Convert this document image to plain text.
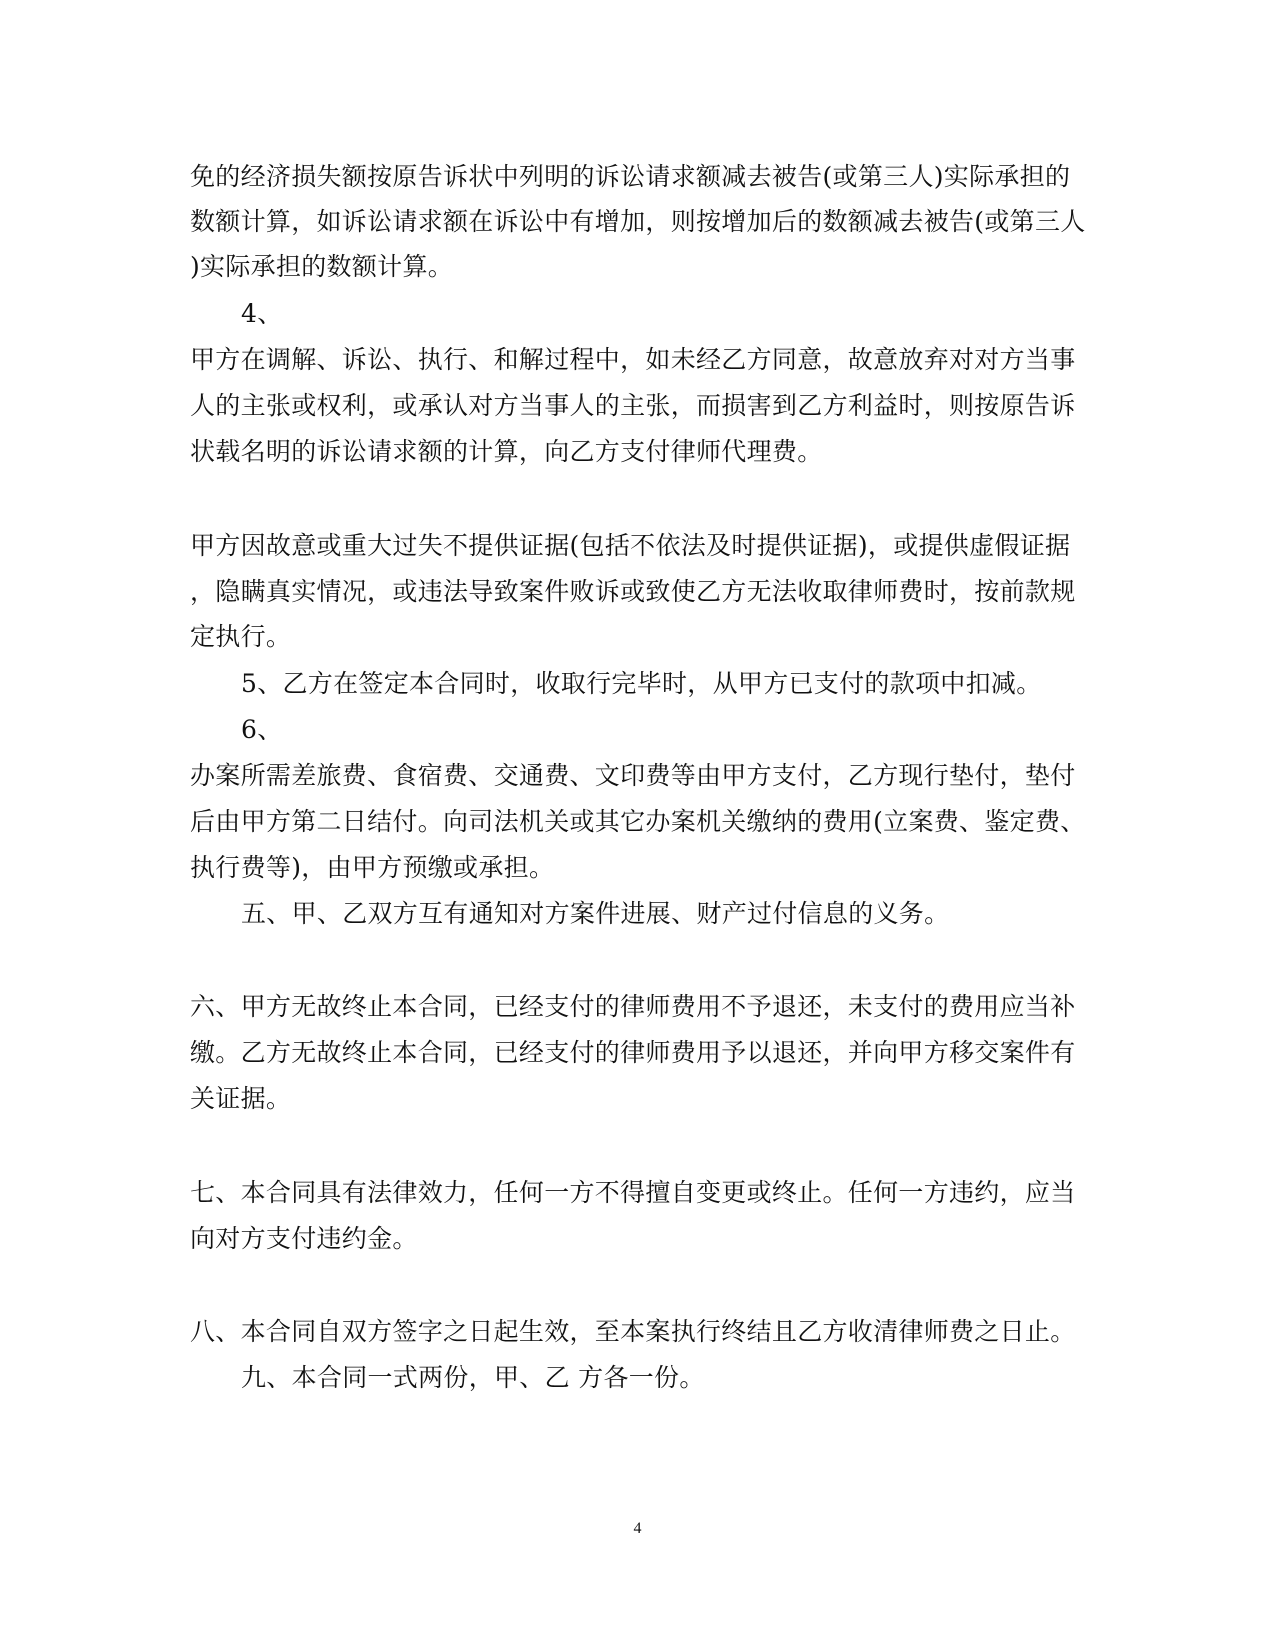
免的经济损失额按原告诉状中列明的诉讼请求额减去被告(或第三人)实际承担的
数额计算，如诉讼请求额在诉讼中有增加，则按增加后的数额减去被告(或第三人
)实际承担的数额计算。
4、
甲方在调解、诉讼、执行、和解过程中，如未经乙方同意，故意放弃对对方当事
人的主张或权利，或承认对方当事人的主张，而损害到乙方利益时，则按原告诉
状载名明的诉讼请求额的计算，向乙方支付律师代理费。
甲方因故意或重大过失不提供证据(包括不依法及时提供证据)，或提供虚假证据
，隐瞒真实情况，或违法导致案件败诉或致使乙方无法收取律师费时，按前款规
定执行。
5、乙方在签定本合同时，收取行完毕时，从甲方已支付的款项中扣减。
6、
办案所需差旅费、食宿费、交通费、文印费等由甲方支付，乙方现行垫付，垫付
后由甲方第二日结付。向司法机关或其它办案机关缴纳的费用(立案费、鉴定费、
执行费等)，由甲方预缴或承担。
五、甲、乙双方互有通知对方案件进展、财产过付信息的义务。
六、甲方无故终止本合同，已经支付的律师费用不予退还，未支付的费用应当补
缴。乙方无故终止本合同，已经支付的律师费用予以退还，并向甲方移交案件有
关证据。
七、本合同具有法律效力，任何一方不得擅自变更或终止。任何一方违约，应当
向对方支付违约金。
八、本合同自双方签字之日起生效，至本案执行终结且乙方收清律师费之日止。
九、本合同一式两份，甲、乙 方各一份。
4
